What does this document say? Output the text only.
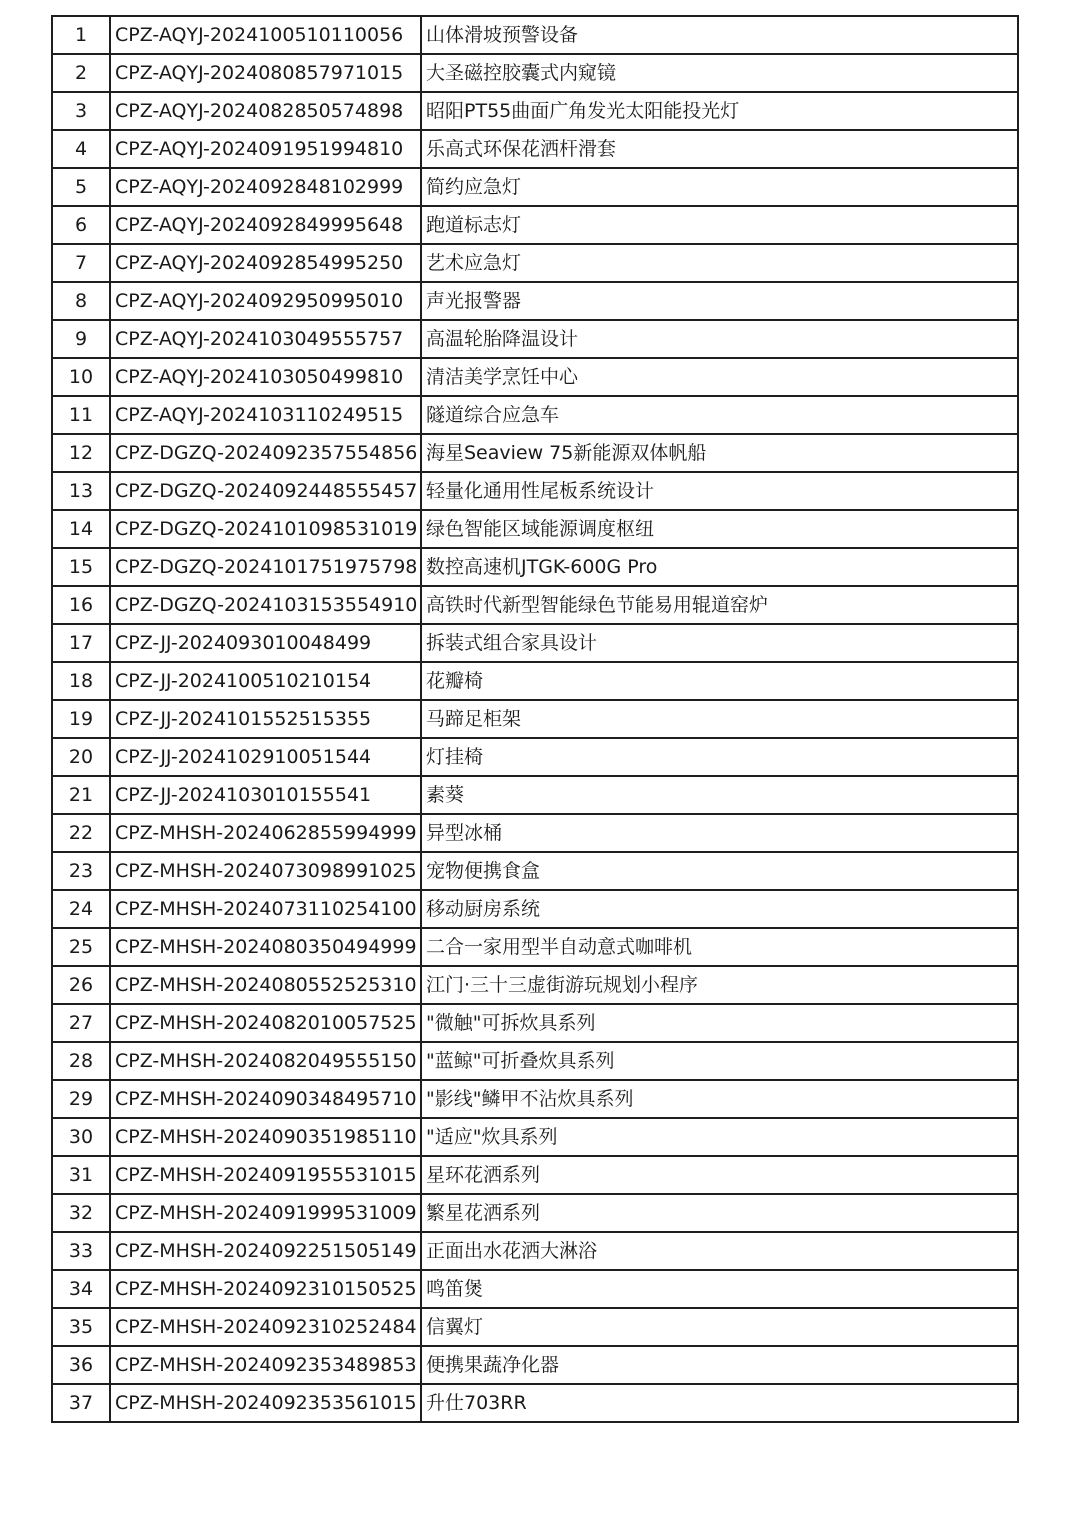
1	CPZ-AQYJ-2024100510110056	山体滑坡预警设备
2	CPZ-AQYJ-2024080857971015	大圣磁控胶囊式内窥镜
3	CPZ-AQYJ-2024082850574898	昭阳PT55曲面广角发光太阳能投光灯
4	CPZ-AQYJ-2024091951994810	乐高式环保花洒杆滑套
5	CPZ-AQYJ-2024092848102999	简约应急灯
6	CPZ-AQYJ-2024092849995648	跑道标志灯
7	CPZ-AQYJ-2024092854995250	艺术应急灯
8	CPZ-AQYJ-2024092950995010	声光报警器
9	CPZ-AQYJ-2024103049555757	高温轮胎降温设计
10	CPZ-AQYJ-2024103050499810	清洁美学烹饪中心
11	CPZ-AQYJ-2024103110249515	隧道综合应急车
12	CPZ-DGZQ-2024092357554856	海星Seaview 75新能源双体帆船
13	CPZ-DGZQ-2024092448555457	轻量化通用性尾板系统设计
14	CPZ-DGZQ-2024101098531019	绿色智能区域能源调度枢纽
15	CPZ-DGZQ-2024101751975798	数控高速机JTGK-600G Pro
16	CPZ-DGZQ-2024103153554910	高铁时代新型智能绿色节能易用辊道窑炉
17	CPZ-JJ-2024093010048499	拆装式组合家具设计
18	CPZ-JJ-2024100510210154	花瓣椅
19	CPZ-JJ-2024101552515355	马蹄足柜架
20	CPZ-JJ-2024102910051544	灯挂椅
21	CPZ-JJ-2024103010155541	素葵
22	CPZ-MHSH-2024062855994999	异型冰桶
23	CPZ-MHSH-2024073098991025	宠物便携食盒
24	CPZ-MHSH-2024073110254100	移动厨房系统
25	CPZ-MHSH-2024080350494999	二合一家用型半自动意式咖啡机
26	CPZ-MHSH-2024080552525310	江门·三十三虚街游玩规划小程序
27	CPZ-MHSH-2024082010057525	"微触"可拆炊具系列
28	CPZ-MHSH-2024082049555150	"蓝鲸"可折叠炊具系列
29	CPZ-MHSH-2024090348495710	"影线"鳞甲不沾炊具系列
30	CPZ-MHSH-2024090351985110	"适应"炊具系列
31	CPZ-MHSH-2024091955531015	星环花洒系列
32	CPZ-MHSH-2024091999531009	繁星花洒系列
33	CPZ-MHSH-2024092251505149	正面出水花洒大淋浴
34	CPZ-MHSH-2024092310150525	鸣笛煲
35	CPZ-MHSH-2024092310252484	信翼灯
36	CPZ-MHSH-2024092353489853	便携果蔬净化器
37	CPZ-MHSH-2024092353561015	升仕703RR
